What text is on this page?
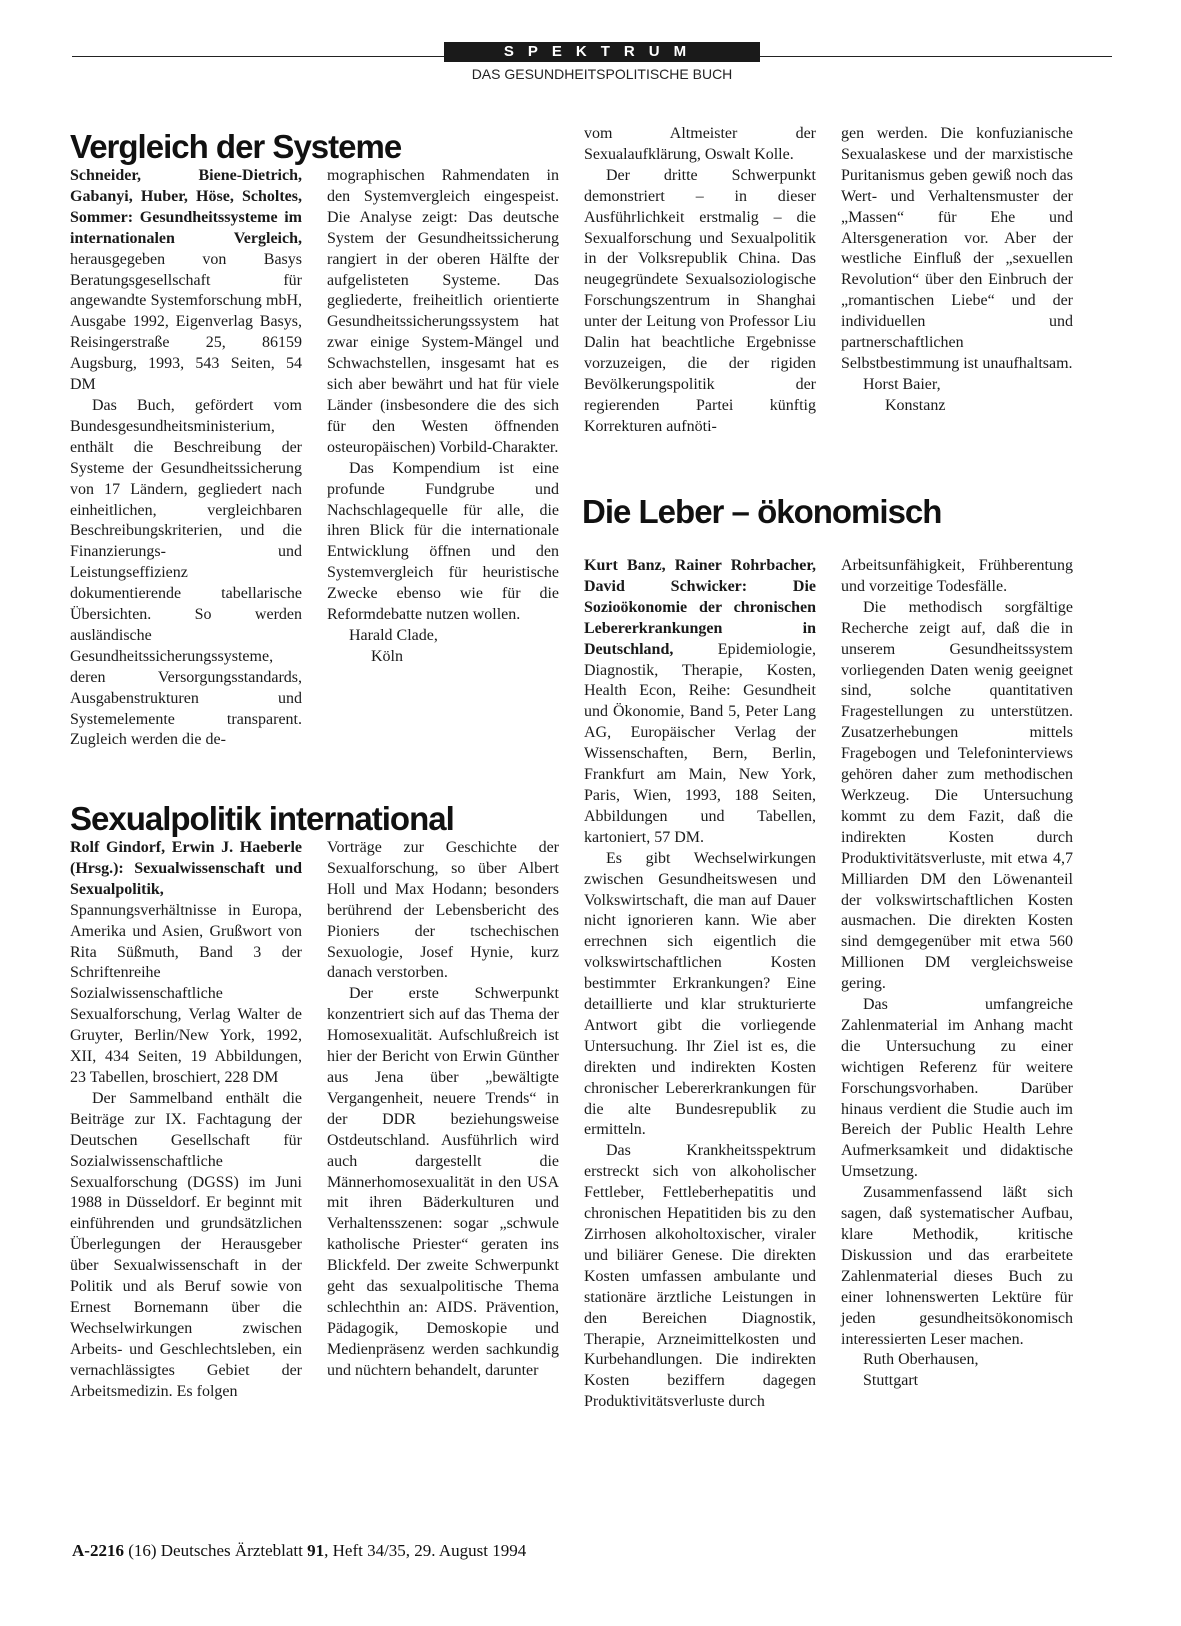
SPEKTRUM
DAS GESUNDHEITSPOLITISCHE BUCH
Vergleich der Systeme

Schneider, Biene-Dietrich, Gabanyi, Huber, Höse, Scholtes, Sommer: Gesundheitssysteme im internationalen Vergleich, herausgegeben von Basys Beratungsgesellschaft für angewandte Systemforschung mbH, Ausgabe 1992, Eigenverlag Basys, Reisingerstraße 25, 86159 Augsburg, 1993, 543 Seiten, 54 DM

Das Buch, gefördert vom Bundesgesundheitsministerium, enthält die Beschreibung der Systeme der Gesundheitssicherung von 17 Ländern, gegliedert nach einheitlichen, vergleichbaren Beschreibungskriterien, und die Finanzierungs- und Leistungseffizienz dokumentierende tabellarische Übersichten. So werden ausländische Gesundheitssicherungssysteme, deren Versorgungsstandards, Ausgabenstrukturen und Systemelemente transparent. Zugleich werden die de-

mographischen Rahmendaten in den Systemvergleich eingespeist. Die Analyse zeigt: Das deutsche System der Gesundheitssicherung rangiert in der oberen Hälfte der aufgelisteten Systeme. Das gegliederte, freiheitlich orientierte Gesundheitssicherungssystem hat zwar einige System-Mängel und Schwachstellen, insgesamt hat es sich aber bewährt und hat für viele Länder (insbesondere die des sich für den Westen öffnenden osteuropäischen) Vorbild-Charakter.

Das Kompendium ist eine profunde Fundgrube und Nachschlagequelle für alle, die ihren Blick für die internationale Entwicklung öffnen und den Systemvergleich für heuristische Zwecke ebenso wie für die Reformdebatte nutzen wollen.

Harald Clade,
Köln
Sexualpolitik international

Rolf Gindorf, Erwin J. Haeberle (Hrsg.): Sexualwissenschaft und Sexualpolitik, Spannungsverhältnisse in Europa, Amerika und Asien, Grußwort von Rita Süßmuth, Band 3 der Schriftenreihe Sozialwissenschaftliche Sexualforschung, Verlag Walter de Gruyter, Berlin/New York, 1992, XII, 434 Seiten, 19 Abbildungen, 23 Tabellen, broschiert, 228 DM

Der Sammelband enthält die Beiträge zur IX. Fachtagung der Deutschen Gesellschaft für Sozialwissenschaftliche Sexualforschung (DGSS) im Juni 1988 in Düsseldorf. Er beginnt mit einführenden und grundsätzlichen Überlegungen der Herausgeber über Sexualwissenschaft in der Politik und als Beruf sowie von Ernest Bornemann über die Wechselwirkungen zwischen Arbeits- und Geschlechtsleben, ein vernachlässigtes Gebiet der Arbeitsmedizin. Es folgen

Vorträge zur Geschichte der Sexualforschung, so über Albert Holl und Max Hodann; besonders berührend der Lebensbericht des Pioniers der tschechischen Sexuologie, Josef Hynie, kurz danach verstorben.

Der erste Schwerpunkt konzentriert sich auf das Thema der Homosexualität. Aufschlußreich ist hier der Bericht von Erwin Günther aus Jena über „bewältigte Vergangenheit, neuere Trends“ in der DDR beziehungsweise Ostdeutschland. Ausführlich wird auch dargestellt die Männerhomosexualität in den USA mit ihren Bäderkulturen und Verhaltensszenen: sogar „schwule katholische Priester“ geraten ins Blickfeld. Der zweite Schwerpunkt geht das sexualpolitische Thema schlechthin an: AIDS. Prävention, Pädagogik, Demoskopie und Medienpräsenz werden sachkundig und nüchtern behandelt, darunter

vom Altmeister der Sexualaufklärung, Oswalt Kolle.

Der dritte Schwerpunkt demonstriert – in dieser Ausführlichkeit erstmalig – die Sexualforschung und Sexualpolitik in der Volksrepublik China. Das neugegründete Sexualsoziologische Forschungszentrum in Shanghai unter der Leitung von Professor Liu Dalin hat beachtliche Ergebnisse vorzuzeigen, die der rigiden Bevölkerungspolitik der regierenden Partei künftig Korrekturen aufnöti-

gen werden. Die konfuzianische Sexualaskese und der marxistische Puritanismus geben gewiß noch das Wert- und Verhaltensmuster der „Massen“ für Ehe und Altersgeneration vor. Aber der westliche Einfluß der „sexuellen Revolution“ über den Einbruch der „romantischen Liebe“ und der individuellen und partnerschaftlichen Selbstbestimmung ist unaufhaltsam.

Horst Baier,
Konstanz
Die Leber – ökonomisch

Kurt Banz, Rainer Rohrbacher, David Schwicker: Die Sozioökonomie der chronischen Lebererkrankungen in Deutschland, Epidemiologie, Diagnostik, Therapie, Kosten, Health Econ, Reihe: Gesundheit und Ökonomie, Band 5, Peter Lang AG, Europäischer Verlag der Wissenschaften, Bern, Berlin, Frankfurt am Main, New York, Paris, Wien, 1993, 188 Seiten, Abbildungen und Tabellen, kartoniert, 57 DM.

Es gibt Wechselwirkungen zwischen Gesundheitswesen und Volkswirtschaft, die man auf Dauer nicht ignorieren kann. Wie aber errechnen sich eigentlich die volkswirtschaftlichen Kosten bestimmter Erkrankungen? Eine detaillierte und klar strukturierte Antwort gibt die vorliegende Untersuchung. Ihr Ziel ist es, die direkten und indirekten Kosten chronischer Lebererkrankungen für die alte Bundesrepublik zu ermitteln.

Das Krankheitsspektrum erstreckt sich von alkoholischer Fettleber, Fettleberhepatitis und chronischen Hepatitiden bis zu den Zirrhosen alkoholtoxischer, viraler und biliärer Genese. Die direkten Kosten umfassen ambulante und stationäre ärztliche Leistungen in den Bereichen Diagnostik, Therapie, Arzneimittelkosten und Kurbehandlungen. Die indirekten Kosten beziffern dagegen Produktivitätsverluste durch

Arbeitsunfähigkeit, Frühberentung und vorzeitige Todesfälle.

Die methodisch sorgfältige Recherche zeigt auf, daß die in unserem Gesundheitssystem vorliegenden Daten wenig geeignet sind, solche quantitativen Fragestellungen zu unterstützen. Zusatzerhebungen mittels Fragebogen und Telefoninterviews gehören daher zum methodischen Werkzeug. Die Untersuchung kommt zu dem Fazit, daß die indirekten Kosten durch Produktivitätsverluste, mit etwa 4,7 Milliarden DM den Löwenanteil der volkswirtschaftlichen Kosten ausmachen. Die direkten Kosten sind demgegenüber mit etwa 560 Millionen DM vergleichsweise gering.

Das umfangreiche Zahlenmaterial im Anhang macht die Untersuchung zu einer wichtigen Referenz für weitere Forschungsvorhaben. Darüber hinaus verdient die Studie auch im Bereich der Public Health Lehre Aufmerksamkeit und didaktische Umsetzung.

Zusammenfassend läßt sich sagen, daß systematischer Aufbau, klare Methodik, kritische Diskussion und das erarbeitete Zahlenmaterial dieses Buch zu einer lohnenswerten Lektüre für jeden gesundheitsökonomisch interessierten Leser machen.

Ruth Oberhausen,
Stuttgart
A-2216 (16) Deutsches Ärzteblatt 91, Heft 34/35, 29. August 1994
